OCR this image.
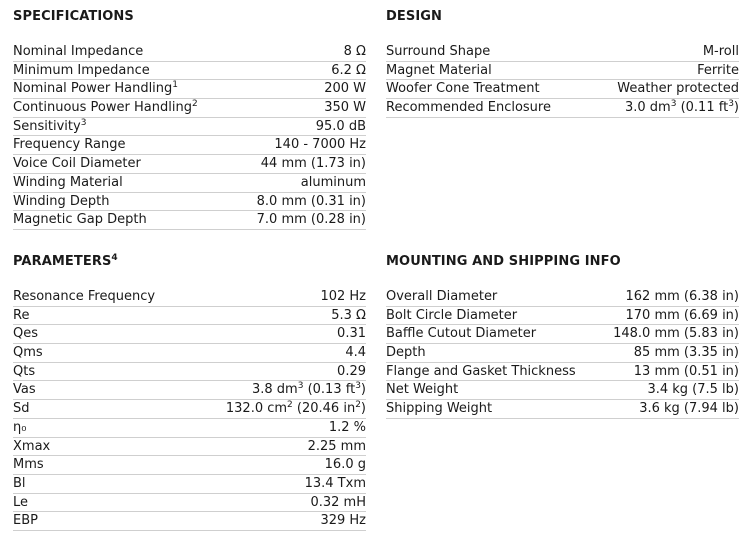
SPECIFICATIONS
Nominal Impedance	8 Ω
Minimum Impedance	6.2 Ω
Nominal Power Handling$^1$	200 W
Continuous Power Handling$^2$	350 W
Sensitivity$^3$	95.0 dB
Frequency Range	140 - 7000 Hz
Voice Coil Diameter	44 mm (1.73 in)
Winding Material	aluminum
Winding Depth	8.0 mm (0.31 in)
Magnetic Gap Depth	7.0 mm (0.28 in)
DESIGN
Surround Shape	M-roll
Magnet Material	Ferrite
Woofer Cone Treatment	Weather protected
Recommended Enclosure	3.0 $dm^3$ (0.11 $ft^3$)
PARAMETERS$^4$
Resonance Frequency	102 Hz
Re	5.3 Ω
Qes	0.31
Qms	4.4
Qts	0.29
Vas	3.8 $dm^3$ (0.13 $ft^3$)
Sd	132.0 $cm^2$ (20.46 $in^2$)
η₀	1.2 %
Xmax	2.25 mm
Mms	16.0 g
Bl	13.4 Txm
Le	0.32 mH
EBP	329 Hz
MOUNTING AND SHIPPING INFO
Overall Diameter	162 mm (6.38 in)
Bolt Circle Diameter	170 mm (6.69 in)
Baffle Cutout Diameter	148.0 mm (5.83 in)
Depth	85 mm (3.35 in)
Flange and Gasket Thickness	13 mm (0.51 in)
Net Weight	3.4 kg (7.5 lb)
Shipping Weight	3.6 kg (7.94 lb)
